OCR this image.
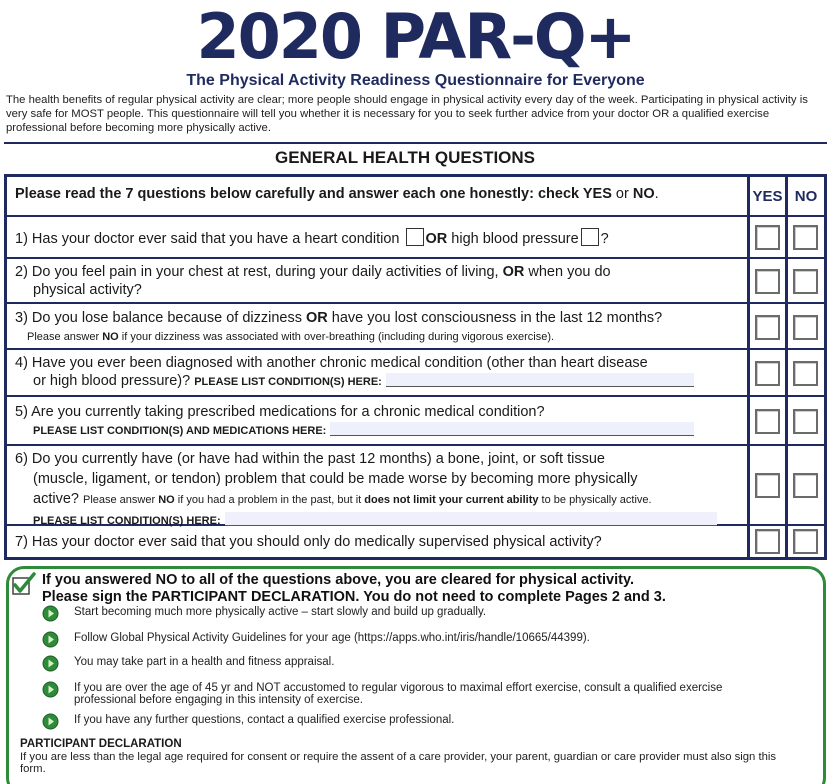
2020 PAR-Q+
The Physical Activity Readiness Questionnaire for Everyone
The health benefits of regular physical activity are clear; more people should engage in physical activity every day of the week. Participating in physical activity is very safe for MOST people. This questionnaire will tell you whether it is necessary for you to seek further advice from your doctor OR a qualified exercise professional before becoming more physically active.
GENERAL HEALTH QUESTIONS
Please read the 7 questions below carefully and answer each one honestly: check YES or NO.	YES NO
1) Has your doctor ever said that you have a heart condition OR high blood pressure ?
2) Do you feel pain in your chest at rest, during your daily activities of living, OR when you do
physical activity?
3) Do you lose balance because of dizziness OR have you lost consciousness in the last 12 months?
Please answer NO if your dizziness was associated with over-breathing (including during vigorous exercise).
4) Have you ever been diagnosed with another chronic medical condition (other than heart disease
or high blood pressure)? PLEASE LIST CONDITION(S) HERE:
5) Are you currently taking prescribed medications for a chronic medical condition?
PLEASE LIST CONDITION(S) AND MEDICATIONS HERE:
6) Do you currently have (or have had within the past 12 months) a bone, joint, or soft tissue
(muscle, ligament, or tendon) problem that could be made worse by becoming more physically
active? Please answer NO if you had a problem in the past, but it does not limit your current ability to be physically active.
PLEASE LIST CONDITION(S) HERE:
7) Has your doctor ever said that you should only do medically supervised physical activity?
If you answered NO to all of the questions above, you are cleared for physical activity.
Please sign the PARTICIPANT DECLARATION. You do not need to complete Pages 2 and 3.
Start becoming much more physically active – start slowly and build up gradually.
Follow Global Physical Activity Guidelines for your age (https://apps.who.int/iris/handle/10665/44399).
You may take part in a health and fitness appraisal.
If you are over the age of 45 yr and NOT accustomed to regular vigorous to maximal effort exercise, consult a qualified exercise professional before engaging in this intensity of exercise.
If you have any further questions, contact a qualified exercise professional.
PARTICIPANT DECLARATION
If you are less than the legal age required for consent or require the assent of a care provider, your parent, guardian or care provider must also sign this form.
